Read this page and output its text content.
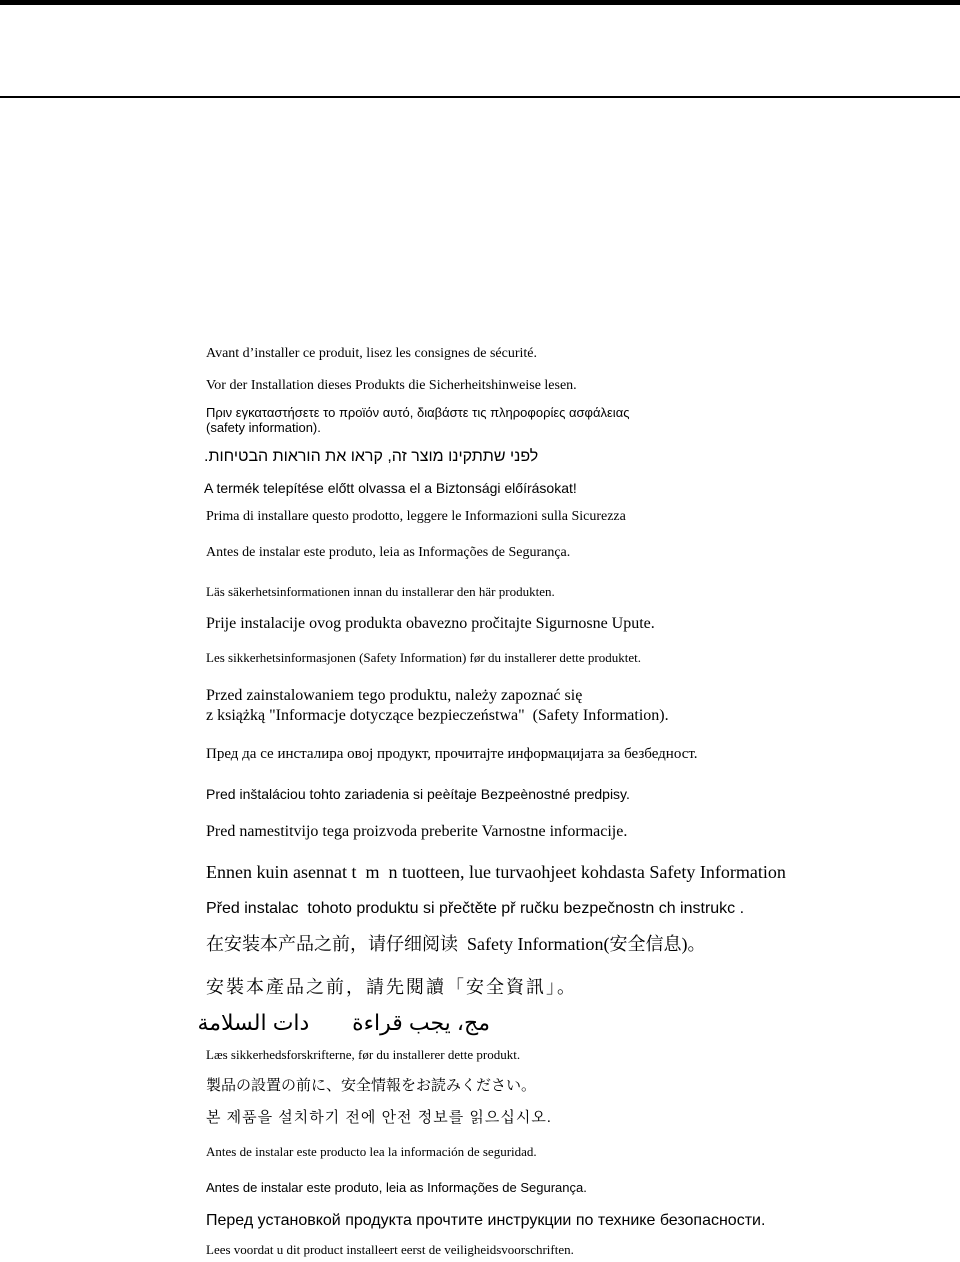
Avant d’installer ce produit, lisez les consignes de sécurité.
Vor der Installation dieses Produkts die Sicherheitshinweise lesen.
Πριν εγκαταστήσετε το προϊόν αυτό, διαβάστε τις πληροφορίες ασφάλειας
(safety information).
לפני שתתקינו מוצר זה, קראו את הוראות הבטיחות.
A termék telepítése előtt olvassa el a Biztonsági előírásokat!
Prima di installare questo prodotto, leggere le Informazioni sulla Sicurezza
Antes de instalar este produto, leia as Informações de Segurança.
Läs säkerhetsinformationen innan du installerar den här produkten.
Prije instalacije ovog produkta obavezno pročitajte Sigurnosne Upute.
Les sikkerhetsinformasjonen (Safety Information) før du installerer dette produktet.
Przed zainstalowaniem tego produktu, należy zapoznać się
z książką "Informacje dotyczące bezpieczeństwa"  (Safety Information).
Пред да се инсталира овој продукт, прочитајте информацијата за безбедност.
Pred inštaláciou tohto zariadenia si peèítaje Bezpeènostné predpisy.
Pred namestitvijo tega proizvoda preberite Varnostne informacije.
Ennen kuin asennat t  m  n tuotteen, lue turvaohjeet kohdasta Safety Information
Před instalac  tohoto produktu si přečtěte př ručku bezpečnostn ch instrukc .
在安装本产品之前，请仔细阅读  Safety Information(安全信息)。
安裝本產品之前，請先閱讀「安全資訊」。
مج، يجب قراءة       دات السلامة
Læs sikkerhedsforskrifterne, før du installerer dette produkt.
製品の設置の前に、安全情報をお読みください。
본 제품을 설치하기 전에 안전 정보를 읽으십시오.
Antes de instalar este producto lea la información de seguridad.
Antes de instalar este produto, leia as Informações de Segurança.
Перед установкой продукта прочтите инструкции по технике безопасности.
Lees voordat u dit product installeert eerst de veiligheidsvoorschriften.
